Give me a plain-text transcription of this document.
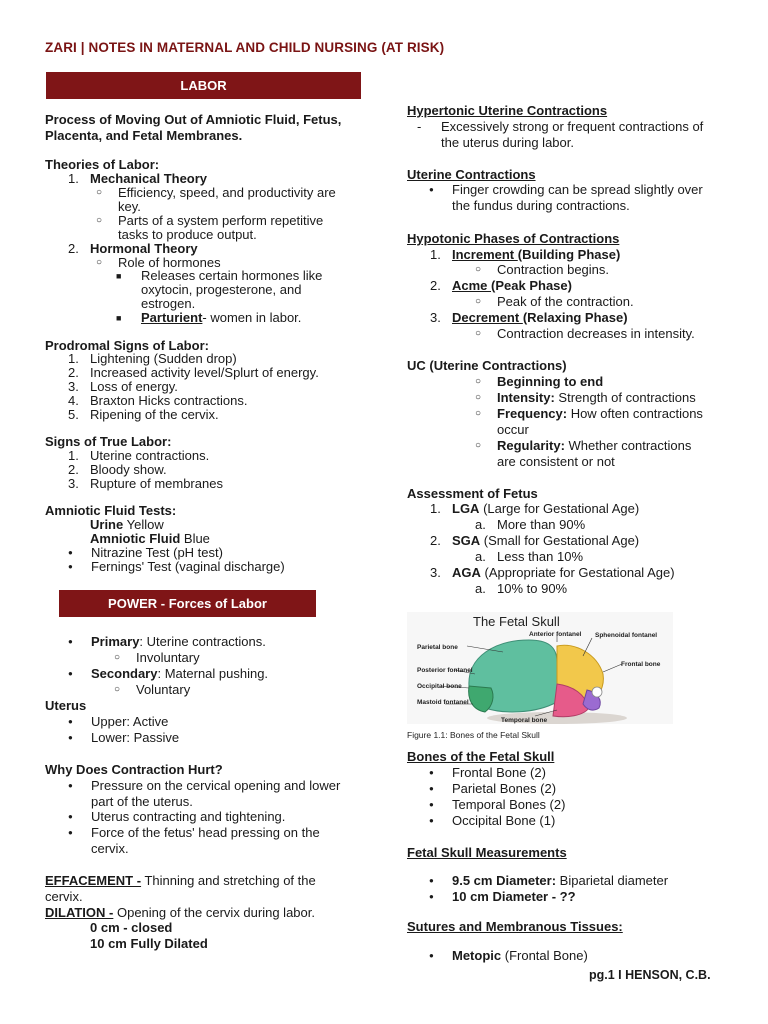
ZARI | NOTES IN MATERNAL AND CHILD NURSING (AT RISK)
LABOR
Process of Moving Out of Amniotic Fluid, Fetus,
Placenta, and Fetal Membranes.
Theories of Labor:
1. Mechanical Theory
○ Efficiency, speed, and productivity are
key.
○ Parts of a system perform repetitive
tasks to produce output.
2. Hormonal Theory
○ Role of hormones
■ Releases certain hormones like
oxytocin, progesterone, and
estrogen.
■ Parturient- women in labor.
Prodromal Signs of Labor:
1. Lightening (Sudden drop)
2. Increased activity level/Splurt of energy.
3. Loss of energy.
4. Braxton Hicks contractions.
5. Ripening of the cervix.
Signs of True Labor:
1. Uterine contractions.
2. Bloody show.
3. Rupture of membranes
Amniotic Fluid Tests:
Urine Yellow
Amniotic Fluid Blue
● Nitrazine Test (pH test)
● Fernings' Test (vaginal discharge)
POWER - Forces of Labor
● Primary: Uterine contractions.
○ Involuntary
● Secondary: Maternal pushing.
○ Voluntary
Uterus
● Upper: Active
● Lower: Passive
Why Does Contraction Hurt?
● Pressure on the cervical opening and lower
part of the uterus.
● Uterus contracting and tightening.
● Force of the fetus' head pressing on the
cervix.
EFFACEMENT - Thinning and stretching of the
cervix.
DILATION - Opening of the cervix during labor.
0 cm - closed
10 cm Fully Dilated
Hypertonic Uterine Contractions
- Excessively strong or frequent contractions of
the uterus during labor.
Uterine Contractions
● Finger crowding can be spread slightly over
the fundus during contractions.
Hypotonic Phases of Contractions
1. Increment (Building Phase)
○ Contraction begins.
2. Acme (Peak Phase)
○ Peak of the contraction.
3. Decrement (Relaxing Phase)
○ Contraction decreases in intensity.
UC (Uterine Contractions)
○ Beginning to end
○ Intensity: Strength of contractions
○ Frequency: How often contractions
occur
○ Regularity: Whether contractions
are consistent or not
Assessment of Fetus
1. LGA (Large for Gestational Age)
a. More than 90%
2. SGA (Small for Gestational Age)
a. Less than 10%
3. AGA (Appropriate for Gestational Age)
a. 10% to 90%
The Fetal Skull
Anterior fontanel Sphenoidal fontanel
Parietal bone
Frontal bone
Posterior fontanel
Occipital bone
Mastoid fontanel
Temporal bone
Figure 1.1: Bones of the Fetal Skull
Bones of the Fetal Skull
● Frontal Bone (2)
● Parietal Bones (2)
● Temporal Bones (2)
● Occipital Bone (1)
Fetal Skull Measurements
● 9.5 cm Diameter: Biparietal diameter
● 10 cm Diameter - ??
Sutures and Membranous Tissues:
● Metopic (Frontal Bone)
pg.1 I HENSON, C.B.
